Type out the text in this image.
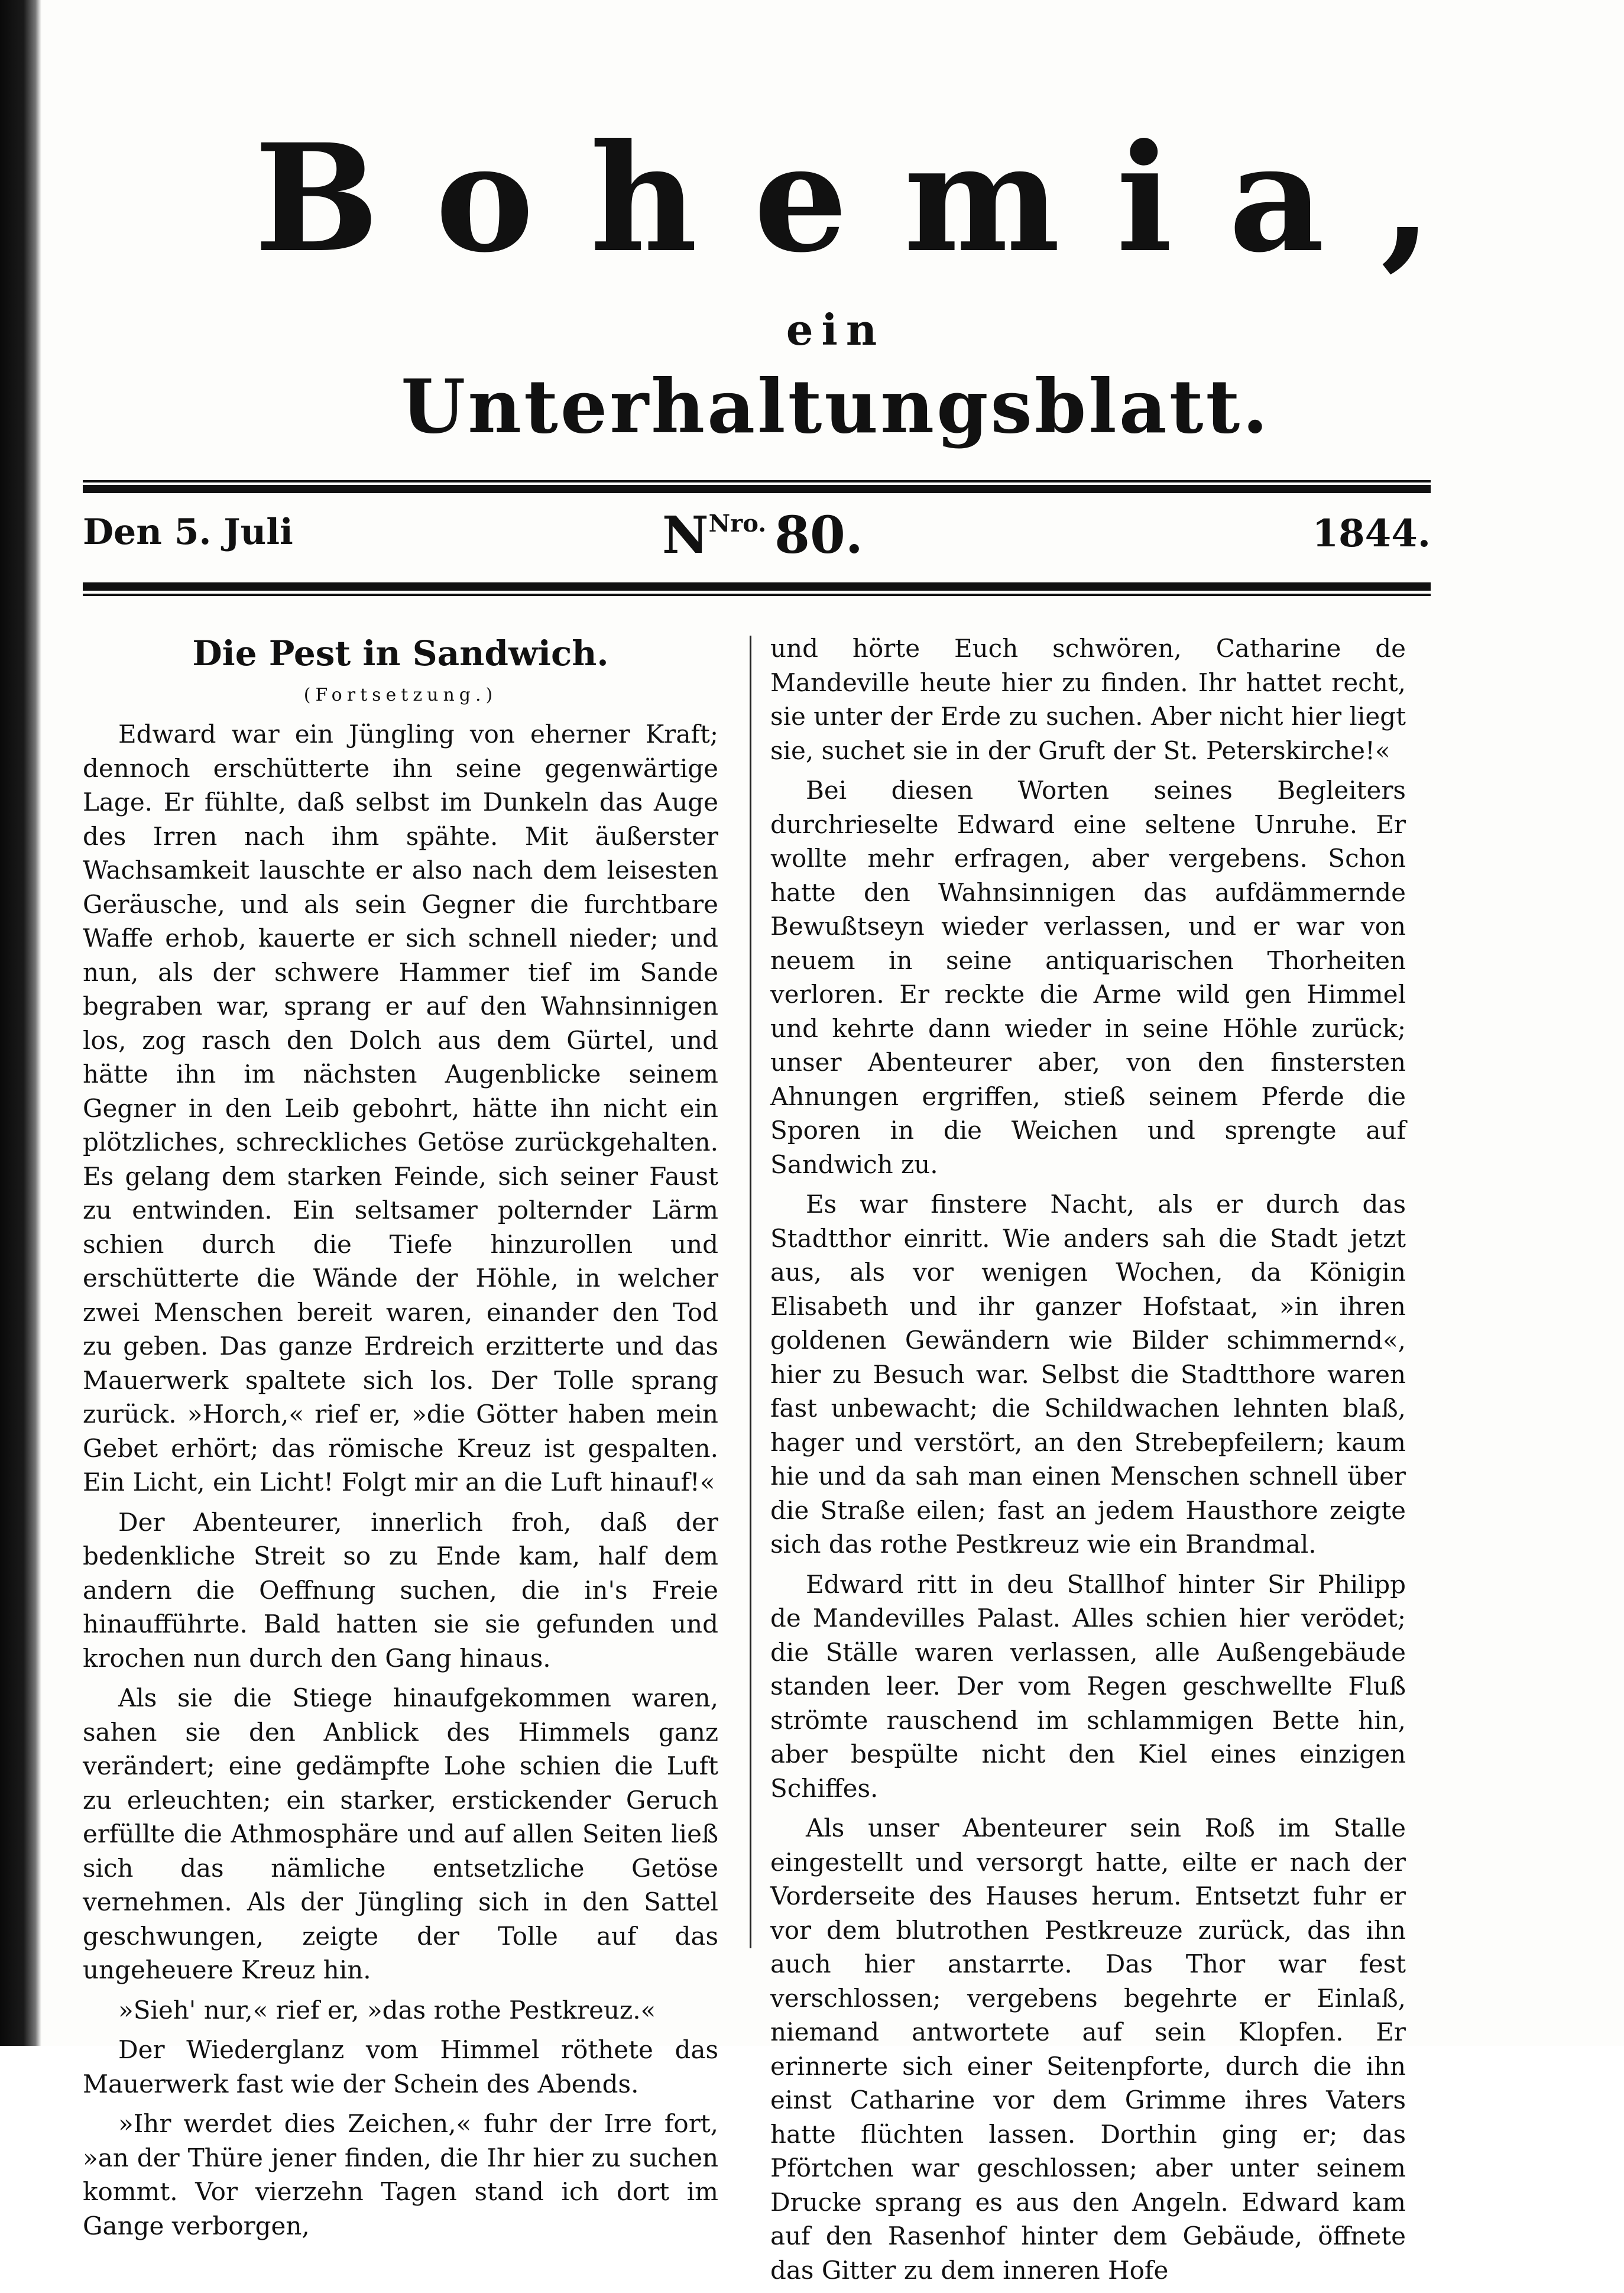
Bohemia,
ein
Unterhaltungsblatt.
Den 5. Juli	$N^{Nro.}$ 80.	1844.
Die Pest in Sandwich.
(Fortsetzung.)

Edward war ein Jüngling von eherner Kraft; dennoch erschütterte ihn seine gegenwärtige Lage. Er fühlte, daß selbst im Dunkeln das Auge des Irren nach ihm spähte. Mit äußerster Wachsamkeit lauschte er also nach dem leisesten Geräusche, und als sein Gegner die furchtbare Waffe erhob, kauerte er sich schnell nieder; und nun, als der schwere Hammer tief im Sande begraben war, sprang er auf den Wahnsinnigen los, zog rasch den Dolch aus dem Gürtel, und hätte ihn im nächsten Augenblicke seinem Gegner in den Leib gebohrt, hätte ihn nicht ein plötzliches, schreckliches Getöse zurückgehalten. Es gelang dem starken Feinde, sich seiner Faust zu entwinden. Ein seltsamer polternder Lärm schien durch die Tiefe hinzurollen und erschütterte die Wände der Höhle, in welcher zwei Menschen bereit waren, einander den Tod zu geben. Das ganze Erdreich erzitterte und das Mauerwerk spaltete sich los. Der Tolle sprang zurück. »Horch,« rief er, »die Götter haben mein Gebet erhört; das römische Kreuz ist gespalten. Ein Licht, ein Licht! Folgt mir an die Luft hinauf!«

Der Abenteurer, innerlich froh, daß der bedenkliche Streit so zu Ende kam, half dem andern die Oeffnung suchen, die in's Freie hinaufführte. Bald hatten sie sie gefunden und krochen nun durch den Gang hinaus.

Als sie die Stiege hinaufgekommen waren, sahen sie den Anblick des Himmels ganz verändert; eine gedämpfte Lohe schien die Luft zu erleuchten; ein starker, erstickender Geruch erfüllte die Athmosphäre und auf allen Seiten ließ sich das nämliche entsetzliche Getöse vernehmen. Als der Jüngling sich in den Sattel geschwungen, zeigte der Tolle auf das ungeheuere Kreuz hin.

»Sieh' nur,« rief er, »das rothe Pestkreuz.«

Der Wiederglanz vom Himmel röthete das Mauerwerk fast wie der Schein des Abends.

»Ihr werdet dies Zeichen,« fuhr der Irre fort, »an der Thüre jener finden, die Ihr hier zu suchen kommt. Vor vierzehn Tagen stand ich dort im Gange verborgen,

und hörte Euch schwören, Catharine de Mandeville heute hier zu finden. Ihr hattet recht, sie unter der Erde zu suchen. Aber nicht hier liegt sie, suchet sie in der Gruft der St. Peterskirche!«

Bei diesen Worten seines Begleiters durchrieselte Edward eine seltene Unruhe. Er wollte mehr erfragen, aber vergebens. Schon hatte den Wahnsinnigen das aufdämmernde Bewußtseyn wieder verlassen, und er war von neuem in seine antiquarischen Thorheiten verloren. Er reckte die Arme wild gen Himmel und kehrte dann wieder in seine Höhle zurück; unser Abenteurer aber, von den finstersten Ahnungen ergriffen, stieß seinem Pferde die Sporen in die Weichen und sprengte auf Sandwich zu.

Es war finstere Nacht, als er durch das Stadtthor einritt. Wie anders sah die Stadt jetzt aus, als vor wenigen Wochen, da Königin Elisabeth und ihr ganzer Hofstaat, »in ihren goldenen Gewändern wie Bilder schimmernd«, hier zu Besuch war. Selbst die Stadtthore waren fast unbewacht; die Schildwachen lehnten blaß, hager und verstört, an den Strebepfeilern; kaum hie und da sah man einen Menschen schnell über die Straße eilen; fast an jedem Hausthore zeigte sich das rothe Pestkreuz wie ein Brandmal.

Edward ritt in deu Stallhof hinter Sir Philipp de Mandevilles Palast. Alles schien hier verödet; die Ställe waren verlassen, alle Außengebäude standen leer. Der vom Regen geschwellte Fluß strömte rauschend im schlammigen Bette hin, aber bespülte nicht den Kiel eines einzigen Schiffes.

Als unser Abenteurer sein Roß im Stalle eingestellt und versorgt hatte, eilte er nach der Vorderseite des Hauses herum. Entsetzt fuhr er vor dem blutrothen Pestkreuze zurück, das ihn auch hier anstarrte. Das Thor war fest verschlossen; vergebens begehrte er Einlaß, niemand antwortete auf sein Klopfen. Er erinnerte sich einer Seitenpforte, durch die ihn einst Catharine vor dem Grimme ihres Vaters hatte flüchten lassen. Dorthin ging er; das Pförtchen war geschlossen; aber unter seinem Drucke sprang es aus den Angeln. Edward kam auf den Rasenhof hinter dem Gebäude, öffnete das Gitter zu dem inneren Hofe
